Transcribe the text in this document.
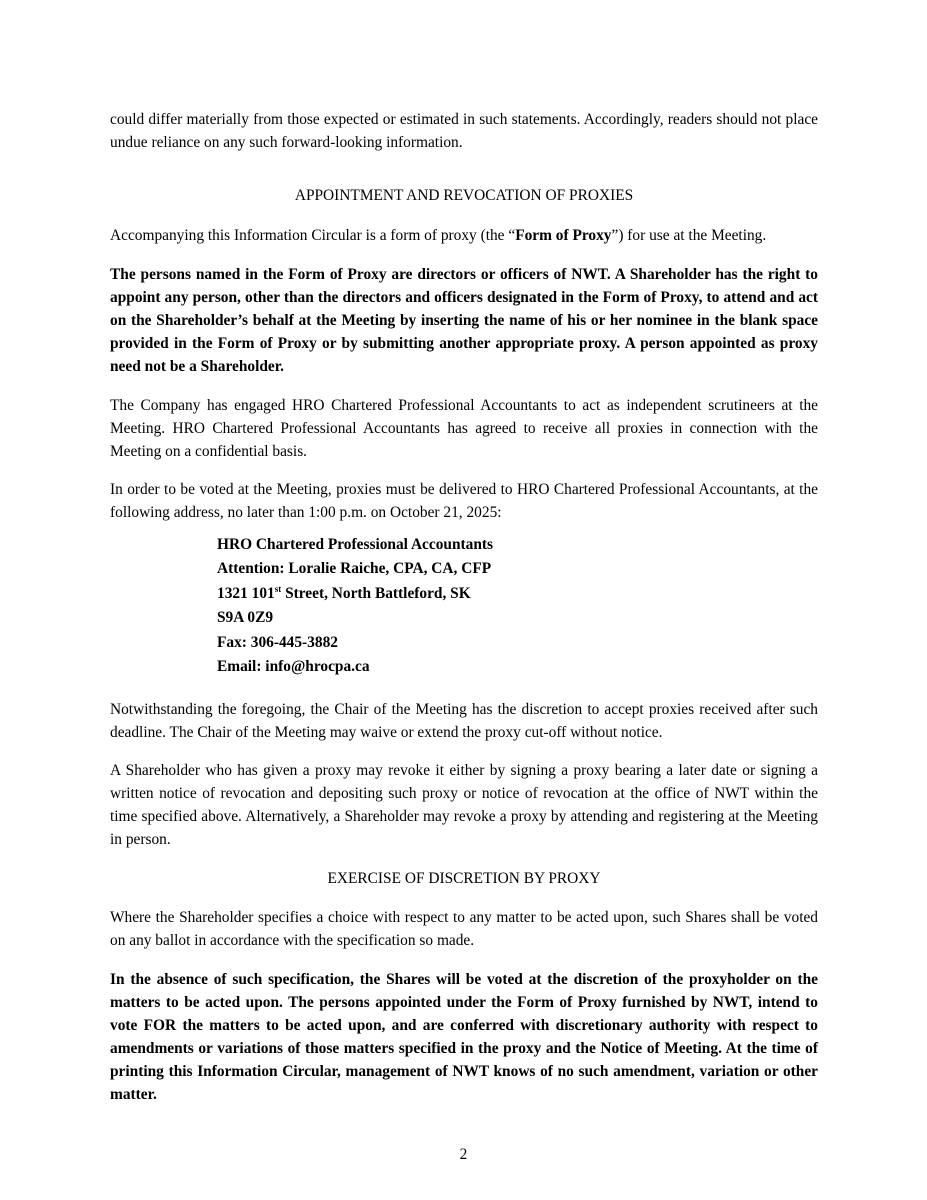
could differ materially from those expected or estimated in such statements. Accordingly, readers should not place undue reliance on any such forward-looking information.

APPOINTMENT AND REVOCATION OF PROXIES

Accompanying this Information Circular is a form of proxy (the “Form of Proxy”) for use at the Meeting.

The persons named in the Form of Proxy are directors or officers of NWT. A Shareholder has the right to appoint any person, other than the directors and officers designated in the Form of Proxy, to attend and act on the Shareholder’s behalf at the Meeting by inserting the name of his or her nominee in the blank space provided in the Form of Proxy or by submitting another appropriate proxy. A person appointed as proxy need not be a Shareholder.

The Company has engaged HRO Chartered Professional Accountants to act as independent scrutineers at the Meeting. HRO Chartered Professional Accountants has agreed to receive all proxies in connection with the Meeting on a confidential basis.

In order to be voted at the Meeting, proxies must be delivered to HRO Chartered Professional Accountants, at the following address, no later than 1:00 p.m. on October 21, 2025:

HRO Chartered Professional Accountants
Attention: Loralie Raiche, CPA, CA, CFP
1321 101st Street, North Battleford, SK
S9A 0Z9
Fax: 306-445-3882
Email: info@hrocpa.ca

Notwithstanding the foregoing, the Chair of the Meeting has the discretion to accept proxies received after such deadline. The Chair of the Meeting may waive or extend the proxy cut-off without notice.

A Shareholder who has given a proxy may revoke it either by signing a proxy bearing a later date or signing a written notice of revocation and depositing such proxy or notice of revocation at the office of NWT within the time specified above. Alternatively, a Shareholder may revoke a proxy by attending and registering at the Meeting in person.

EXERCISE OF DISCRETION BY PROXY

Where the Shareholder specifies a choice with respect to any matter to be acted upon, such Shares shall be voted on any ballot in accordance with the specification so made.

In the absence of such specification, the Shares will be voted at the discretion of the proxyholder on the matters to be acted upon. The persons appointed under the Form of Proxy furnished by NWT, intend to vote FOR the matters to be acted upon, and are conferred with discretionary authority with respect to amendments or variations of those matters specified in the proxy and the Notice of Meeting. At the time of printing this Information Circular, management of NWT knows of no such amendment, variation or other matter.

2
